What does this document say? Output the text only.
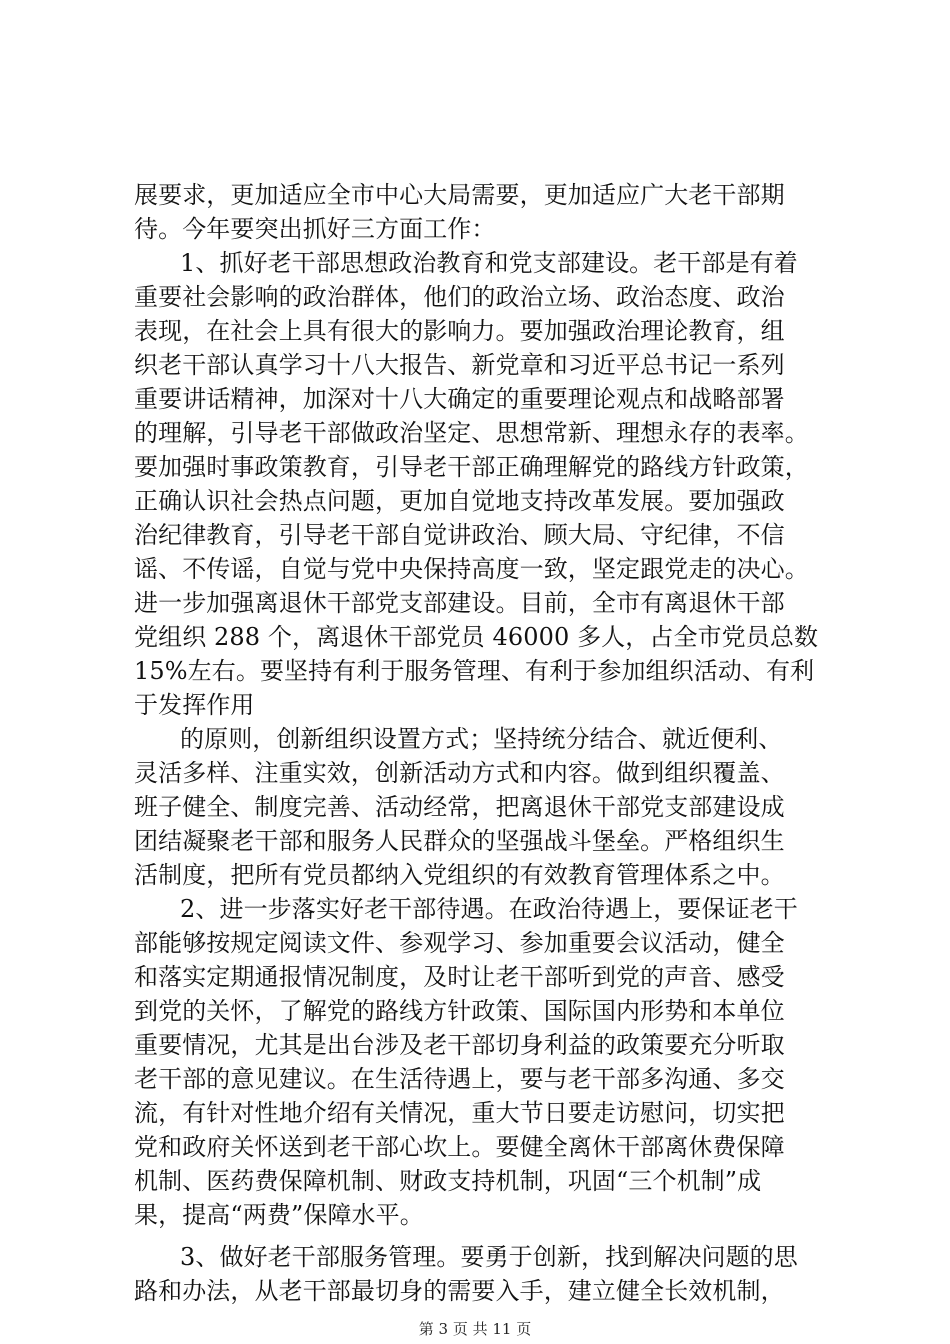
展要求，更加适应全市中心大局需要，更加适应广大老干部期
待。今年要突出抓好三方面工作：
1、抓好老干部思想政治教育和党支部建设。老干部是有着
重要社会影响的政治群体，他们的政治立场、政治态度、政治
表现，在社会上具有很大的影响力。要加强政治理论教育，组
织老干部认真学习十八大报告、新党章和习近平总书记一系列
重要讲话精神，加深对十八大确定的重要理论观点和战略部署
的理解，引导老干部做政治坚定、思想常新、理想永存的表率。
要加强时事政策教育，引导老干部正确理解党的路线方针政策，
正确认识社会热点问题，更加自觉地支持改革发展。要加强政
治纪律教育，引导老干部自觉讲政治、顾大局、守纪律，不信
谣、不传谣，自觉与党中央保持高度一致，坚定跟党走的决心。
进一步加强离退休干部党支部建设。目前，全市有离退休干部
党组织 288 个，离退休干部党员 46000 多人，占全市党员总数
15%左右。要坚持有利于服务管理、有利于参加组织活动、有利
于发挥作用
的原则，创新组织设置方式；坚持统分结合、就近便利、
灵活多样、注重实效，创新活动方式和内容。做到组织覆盖、
班子健全、制度完善、活动经常，把离退休干部党支部建设成
团结凝聚老干部和服务人民群众的坚强战斗堡垒。严格组织生
活制度，把所有党员都纳入党组织的有效教育管理体系之中。
2、进一步落实好老干部待遇。在政治待遇上，要保证老干
部能够按规定阅读文件、参观学习、参加重要会议活动，健全
和落实定期通报情况制度，及时让老干部听到党的声音、感受
到党的关怀，了解党的路线方针政策、国际国内形势和本单位
重要情况，尤其是出台涉及老干部切身利益的政策要充分听取
老干部的意见建议。在生活待遇上，要与老干部多沟通、多交
流，有针对性地介绍有关情况，重大节日要走访慰问，切实把
党和政府关怀送到老干部心坎上。要健全离休干部离休费保障
机制、医药费保障机制、财政支持机制，巩固“三个机制”成
果，提高“两费”保障水平。
3、做好老干部服务管理。要勇于创新，找到解决问题的思
路和办法，从老干部最切身的需要入手，建立健全长效机制，
第 3 页 共 11 页
